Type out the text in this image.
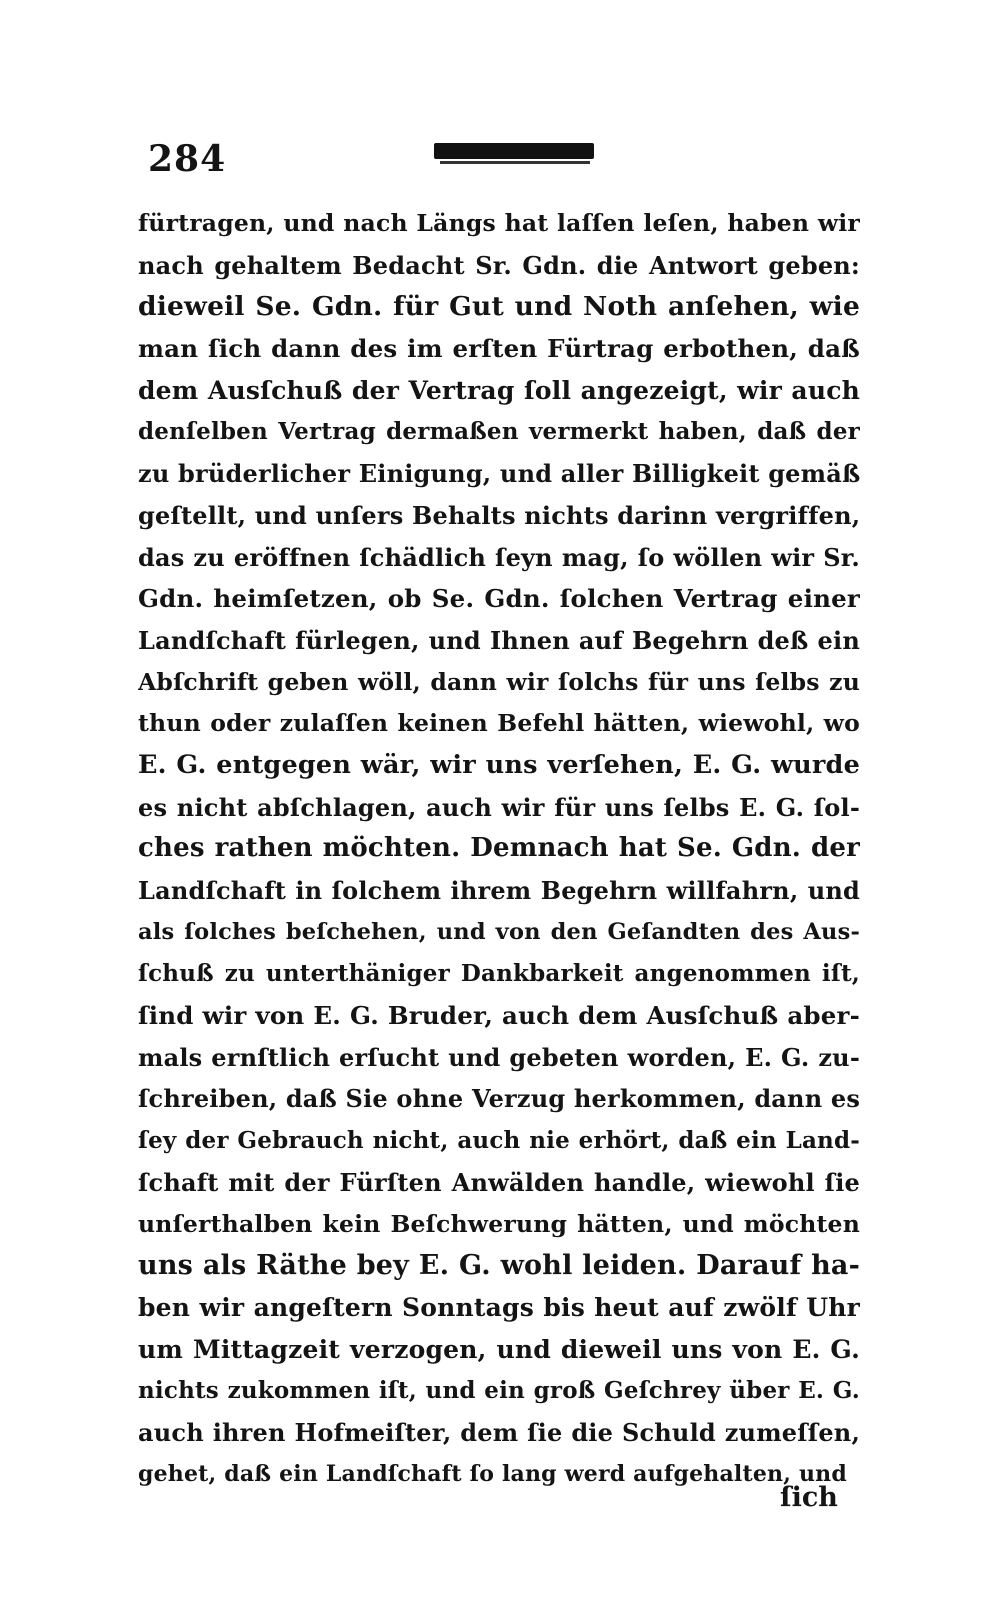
284
fürtragen, und nach Längs hat laſſen leſen, haben wir
nach gehaltem Bedacht Sr. Gdn. die Antwort geben:
dieweil Se. Gdn. für Gut und Noth anſehen, wie
man ſich dann des im erſten Fürtrag erbothen, daß
dem Ausſchuß der Vertrag ſoll angezeigt, wir auch
denſelben Vertrag dermaßen vermerkt haben, daß der
zu brüderlicher Einigung, und aller Billigkeit gemäß
geſtellt, und unſers Behalts nichts darinn vergriffen,
das zu eröffnen ſchädlich ſeyn mag, ſo wöllen wir Sr.
Gdn. heimſetzen, ob Se. Gdn. ſolchen Vertrag einer
Landſchaft fürlegen, und Ihnen auf Begehrn deß ein
Abſchrift geben wöll, dann wir ſolchs für uns ſelbs zu
thun oder zulaſſen keinen Befehl hätten, wiewohl, wo
E. G. entgegen wär, wir uns verſehen, E. G. wurde
es nicht abſchlagen, auch wir für uns ſelbs E. G. ſol-
ches rathen möchten. Demnach hat Se. Gdn. der
Landſchaft in ſolchem ihrem Begehrn willfahrn, und
als ſolches beſchehen, und von den Geſandten des Aus-
ſchuß zu unterthäniger Dankbarkeit angenommen iſt,
ſind wir von E. G. Bruder, auch dem Ausſchuß aber-
mals ernſtlich erſucht und gebeten worden, E. G. zu-
ſchreiben, daß Sie ohne Verzug herkommen, dann es
ſey der Gebrauch nicht, auch nie erhört, daß ein Land-
ſchaft mit der Fürſten Anwälden handle, wiewohl ſie
unſerthalben kein Beſchwerung hätten, und möchten
uns als Räthe bey E. G. wohl leiden. Darauf ha-
ben wir angeſtern Sonntags bis heut auf zwölf Uhr
um Mittagzeit verzogen, und dieweil uns von E. G.
nichts zukommen iſt, und ein groß Geſchrey über E. G.
auch ihren Hofmeiſter, dem ſie die Schuld zumeſſen,
gehet, daß ein Landſchaft ſo lang werd aufgehalten, und
ſich
